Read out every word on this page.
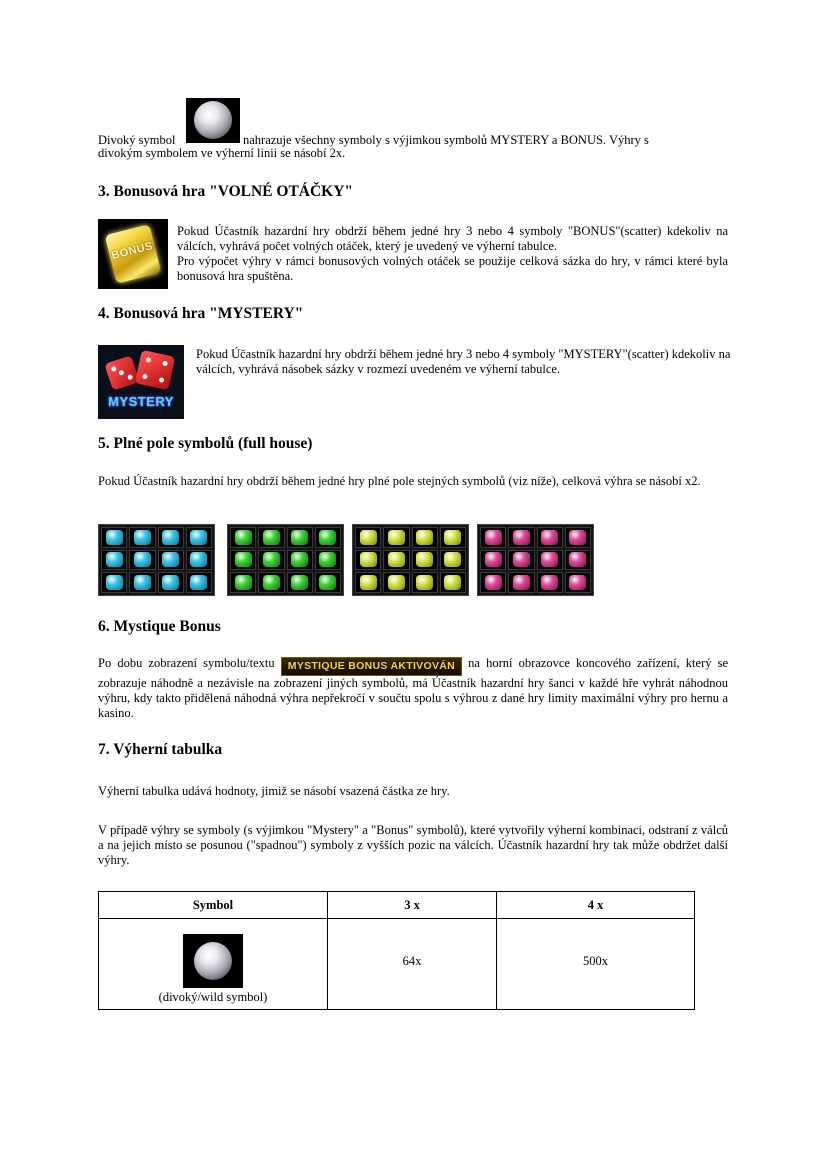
Divoký symbol	nahrazuje všechny symboly s výjimkou symbolů MYSTERY a BONUS. Výhry s

divokým symbolem ve výherní linii se násobí 2x.

3. Bonusová hra "VOLNÉ OTÁČKY"
BONUS

Pokud Účastník hazardní hry obdrží během jedné hry 3 nebo 4 symboly "BONUS"(scatter) kdekoliv na válcích, vyhrává počet volných otáček, který je uvedený ve výherní tabulce.

Pro výpočet výhry v rámci bonusových volných otáček se použije celková sázka do hry, v rámci které byla bonusová hra spuštěna.

4. Bonusová hra "MYSTERY"
MYSTERY

Pokud Účastník hazardní hry obdrží během jedné hry 3 nebo 4 symboly "MYSTERY"(scatter) kdekoliv na válcích, vyhrává násobek sázky v rozmezí uvedeném ve výherní tabulce.

5. Plné pole symbolů (full house)

Pokud Účastník hazardní hry obdrží během jedné hry plné pole stejných symbolů (viz níže), celková výhra se násobí x2.

6. Mystique Bonus
Po dobu zobrazení symbolu/textu MYSTIQUE BONUS AKTIVOVÁN na horní obrazovce koncového zařízení, který se zobrazuje náhodně a nezávisle na zobrazení jiných symbolů, má Účastník hazardní hry šanci v každé hře vyhrát náhodnou výhru, kdy takto přidělená náhodná výhra nepřekročí v součtu spolu s výhrou z dané hry limity maximální výhry pro hernu a kasino.
7. Výherní tabulka

Výherní tabulka udává hodnoty, jimiž se násobí vsazená částka ze hry.

V případě výhry se symboly (s výjimkou "Mystery" a "Bonus" symbolů), které vytvořily výherní kombinaci, odstraní z válců a na jejich místo se posunou ("spadnou") symboly z vyšších pozic na válcích. Účastník hazardní hry tak může obdržet další výhry.

Symbol	3 x	4 x

(divoký/wild symbol)	64x	500x
